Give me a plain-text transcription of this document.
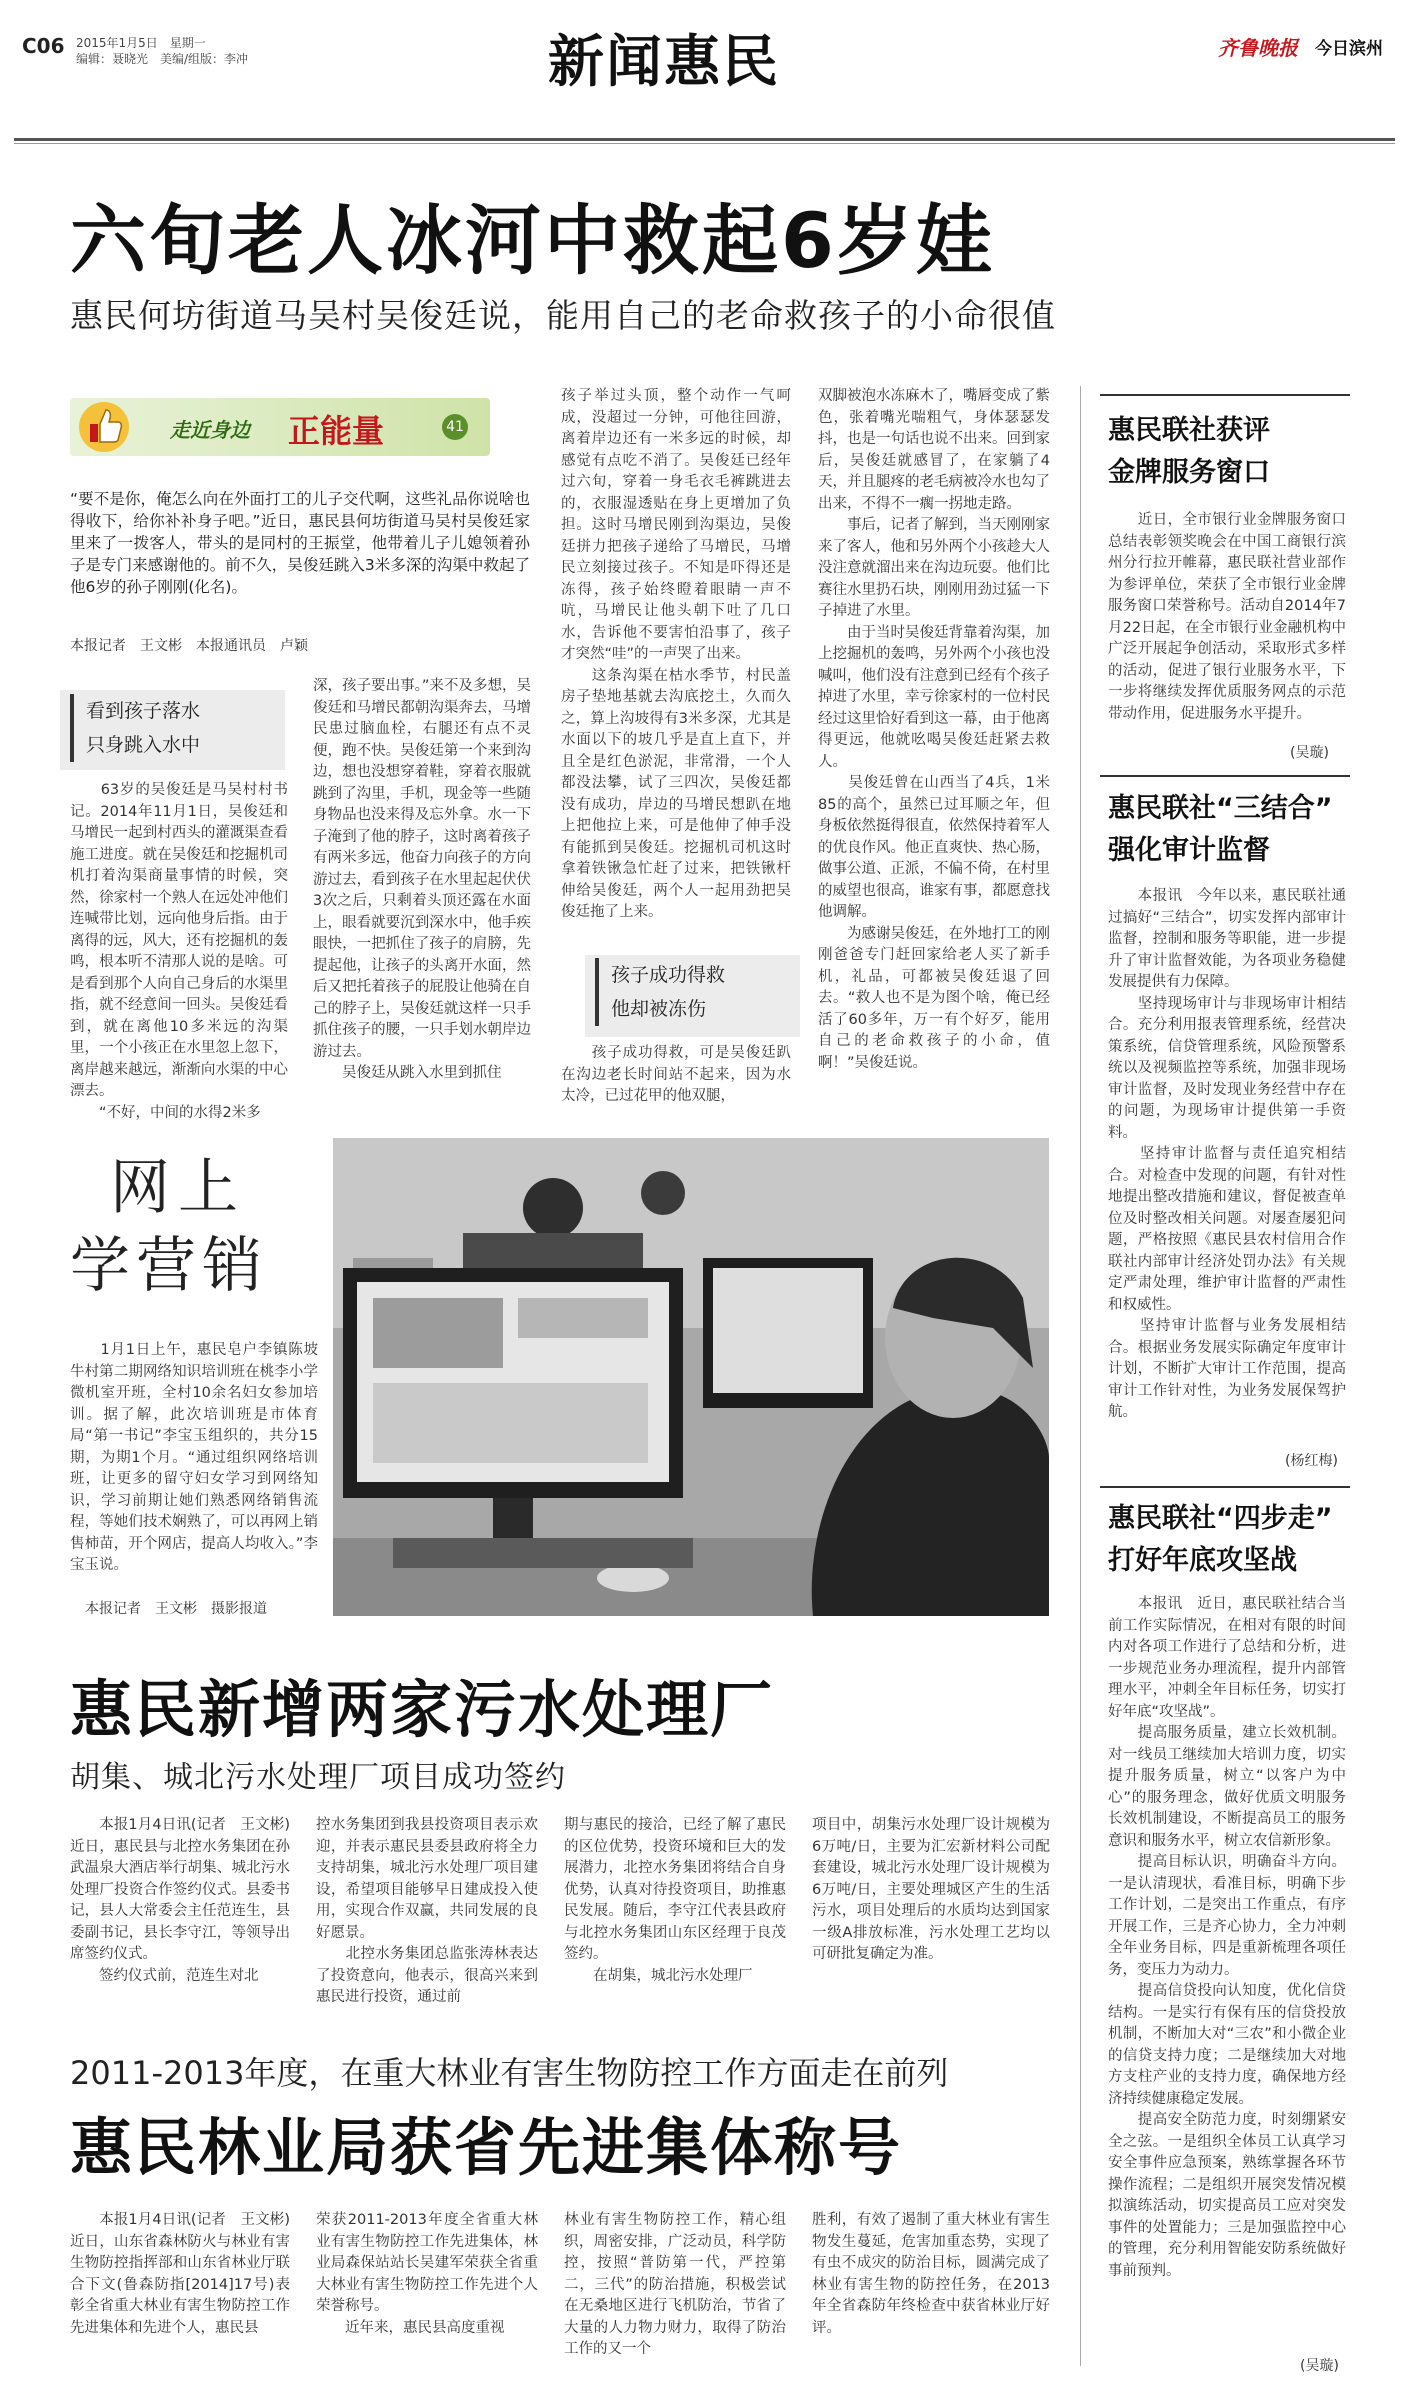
C06 2015年1月5日　星期一
编辑：聂晓光　美编/组版：李冲	新闻惠民	齐鲁晚报 今日滨州
六旬老人冰河中救起6岁娃
惠民何坊街道马吴村吴俊廷说，能用自己的老命救孩子的小命很值
走近身边 正能量	41
“要不是你，俺怎么向在外面打工的儿子交代啊，这些礼品你说啥也得收下，给你补补身子吧。”近日，惠民县何坊街道马吴村吴俊廷家里来了一拨客人，带头的是同村的王振堂，他带着儿子儿媳领着孙子是专门来感谢他的。前不久，吴俊廷跳入3米多深的沟渠中救起了他6岁的孙子刚刚(化名)。
本报记者　王文彬　本报通讯员　卢颖
看到孩子落水
只身跳入水中
　　63岁的吴俊廷是马吴村村书记。2014年11月1日，吴俊廷和马增民一起到村西头的灌溉渠查看施工进度。就在吴俊廷和挖掘机司机打着沟渠商量事情的时候，突然，徐家村一个熟人在远处冲他们连喊带比划，远向他身后指。由于离得的远，风大，还有挖掘机的轰鸣，根本听不清那人说的是啥。可是看到那个人向自己身后的水渠里指，就不经意间一回头。吴俊廷看到，就在离他10多米远的沟渠里，一个小孩正在水里忽上忽下，离岸越来越远，渐渐向水渠的中心漂去。
　　“不好，中间的水得2米多
深，孩子要出事。”来不及多想，吴俊廷和马增民都朝沟渠奔去，马增民患过脑血栓，右腿还有点不灵便，跑不快。吴俊廷第一个来到沟边，想也没想穿着鞋，穿着衣服就跳到了沟里，手机，现金等一些随身物品也没来得及忘外拿。水一下子淹到了他的脖子，这时离着孩子有两米多远，他奋力向孩子的方向游过去，看到孩子在水里起起伏伏3次之后，只剩着头顶还露在水面上，眼看就要沉到深水中，他手疾眼快，一把抓住了孩子的肩膀，先提起他，让孩子的头离开水面，然后又把托着孩子的屁股让他骑在自己的脖子上，吴俊廷就这样一只手抓住孩子的腰，一只手划水朝岸边游过去。
　　吴俊廷从跳入水里到抓住
孩子举过头顶，整个动作一气呵成，没超过一分钟，可他往回游，离着岸边还有一米多远的时候，却感觉有点吃不消了。吴俊廷已经年过六旬，穿着一身毛衣毛裤跳进去的，衣服湿透贴在身上更增加了负担。这时马增民刚到沟渠边，吴俊廷拼力把孩子递给了马增民，马增民立刻接过孩子。不知是吓得还是冻得，孩子始终瞪着眼睛一声不吭，马增民让他头朝下吐了几口水，告诉他不要害怕沿事了，孩子才突然“哇”的一声哭了出来。
　　这条沟渠在枯水季节，村民盖房子垫地基就去沟底挖土，久而久之，算上沟坡得有3米多深，尤其是水面以下的坡几乎是直上直下，并且全是红色淤泥，非常滑，一个人都没法攀，试了三四次，吴俊廷都没有成功，岸边的马增民想趴在地上把他拉上来，可是他伸了伸手没有能抓到吴俊廷。挖掘机司机这时拿着铁锹急忙赶了过来，把铁锹杆伸给吴俊廷，两个人一起用劲把吴俊廷拖了上来。
孩子成功得救
他却被冻伤
　　孩子成功得救，可是吴俊廷趴在沟边老长时间站不起来，因为水太冷，已过花甲的他双腿，
双脚被泡水冻麻木了，嘴唇变成了紫色，张着嘴光喘粗气，身体瑟瑟发抖，也是一句话也说不出来。回到家后，吴俊廷就感冒了，在家躺了4天，并且腿疼的老毛病被冷水也勾了出来，不得不一瘸一拐地走路。
　　事后，记者了解到，当天刚刚家来了客人，他和另外两个小孩趁大人没注意就溜出来在沟边玩耍。他们比赛往水里扔石块，刚刚用劲过猛一下子掉进了水里。
　　由于当时吴俊廷背靠着沟渠，加上挖掘机的轰鸣，另外两个小孩也没喊叫，他们没有注意到已经有个孩子掉进了水里，幸亏徐家村的一位村民经过这里恰好看到这一幕，由于他离得更远，他就吆喝吴俊廷赶紧去救人。
　　吴俊廷曾在山西当了4兵，1米85的高个，虽然已过耳顺之年，但身板依然挺得很直，依然保持着军人的优良作风。他正直爽快、热心肠，做事公道、正派，不偏不倚，在村里的威望也很高，谁家有事，都愿意找他调解。
　　为感谢吴俊廷，在外地打工的刚刚爸爸专门赶回家给老人买了新手机，礼品，可都被吴俊廷退了回去。“救人也不是为图个啥，俺已经活了60多年，万一有个好歹，能用自己的老命救孩子的小命，值啊！”吴俊廷说。
网上
学营销
　　1月1日上午，惠民皂户李镇陈坡牛村第二期网络知识培训班在桃李小学微机室开班，全村10余名妇女参加培训。据了解，此次培训班是市体育局“第一书记”李宝玉组织的，共分15期，为期1个月。“通过组织网络培训班，让更多的留守妇女学习到网络知识，学习前期让她们熟悉网络销售流程，等她们技术娴熟了，可以再网上销售柿苗，开个网店，提高人均收入。”李宝玉说。
本报记者　王文彬　摄影报道
惠民新增两家污水处理厂
胡集、城北污水处理厂项目成功签约
　　本报1月4日讯(记者　王文彬)　近日，惠民县与北控水务集团在孙武温泉大酒店举行胡集、城北污水处理厂投资合作签约仪式。县委书记，县人大常委会主任范连生，县委副书记，县长李守江，等领导出席签约仪式。
　　签约仪式前，范连生对北
控水务集团到我县投资项目表示欢迎，并表示惠民县委县政府将全力支持胡集，城北污水处理厂项目建设，希望项目能够早日建成投入使用，实现合作双赢，共同发展的良好愿景。
　　北控水务集团总监张涛林表达了投资意向，他表示，很高兴来到惠民进行投资，通过前
期与惠民的接洽，已经了解了惠民的区位优势，投资环境和巨大的发展潜力，北控水务集团将结合自身优势，认真对待投资项目，助推惠民发展。随后，李守江代表县政府与北控水务集团山东区经理于良茂签约。
　　在胡集，城北污水处理厂
项目中，胡集污水处理厂设计规模为6万吨/日，主要为汇宏新材料公司配套建设，城北污水处理厂设计规模为6万吨/日，主要处理城区产生的生活污水，项目处理后的水质均达到国家一级A排放标准，污水处理工艺均以可研批复确定为准。
2011-2013年度，在重大林业有害生物防控工作方面走在前列
惠民林业局获省先进集体称号
　　本报1月4日讯(记者　王文彬)　近日，山东省森林防火与林业有害生物防控指挥部和山东省林业厅联合下文(鲁森防指[2014]17号)表彰全省重大林业有害生物防控工作先进集体和先进个人，惠民县
荣获2011-2013年度全省重大林业有害生物防控工作先进集体，林业局森保站站长吴建军荣获全省重大林业有害生物防控工作先进个人荣誉称号。
　　近年来，惠民县高度重视
林业有害生物防控工作，精心组织，周密安排，广泛动员，科学防控，按照“普防第一代，严控第二，三代”的防治措施，积极尝试在无桑地区进行飞机防治，节省了大量的人力物力财力，取得了防治工作的又一个
胜利，有效了遏制了重大林业有害生物发生蔓延，危害加重态势，实现了有虫不成灾的防治目标，圆满完成了林业有害生物的防控任务，在2013年全省森防年终检查中获省林业厅好评。
惠民联社获评
金牌服务窗口
　　近日，全市银行业金牌服务窗口总结表彰领奖晚会在中国工商银行滨州分行拉开帷幕，惠民联社营业部作为参评单位，荣获了全市银行业金牌服务窗口荣誉称号。活动自2014年7月22日起，在全市银行业金融机构中广泛开展起争创活动，采取形式多样的活动，促进了银行业服务水平，下一步将继续发挥优质服务网点的示范带动作用，促进服务水平提升。
(吴璇)
惠民联社“三结合”
强化审计监督
　　本报讯　今年以来，惠民联社通过搞好“三结合”，切实发挥内部审计监督，控制和服务等职能，进一步提升了审计监督效能，为各项业务稳健发展提供有力保障。
　　坚持现场审计与非现场审计相结合。充分利用报表管理系统，经营决策系统，信贷管理系统，风险预警系统以及视频监控等系统，加强非现场审计监督，及时发现业务经营中存在的问题，为现场审计提供第一手资料。
　　坚持审计监督与责任追究相结合。对检查中发现的问题，有针对性地提出整改措施和建议，督促被查单位及时整改相关问题。对屡查屡犯问题，严格按照《惠民县农村信用合作联社内部审计经济处罚办法》有关规定严肃处理，维护审计监督的严肃性和权威性。
　　坚持审计监督与业务发展相结合。根据业务发展实际确定年度审计计划，不断扩大审计工作范围，提高审计工作针对性，为业务发展保驾护航。
(杨红梅)
惠民联社“四步走”
打好年底攻坚战
　　本报讯　近日，惠民联社结合当前工作实际情况，在相对有限的时间内对各项工作进行了总结和分析，进一步规范业务办理流程，提升内部管理水平，冲刺全年目标任务，切实打好年底“攻坚战”。
　　提高服务质量，建立长效机制。对一线员工继续加大培训力度，切实提升服务质量，树立“以客户为中心”的服务理念，做好优质文明服务长效机制建设，不断提高员工的服务意识和服务水平，树立农信新形象。
　　提高目标认识，明确奋斗方向。一是认清现状，看准目标，明确下步工作计划，二是突出工作重点，有序开展工作，三是齐心协力，全力冲刺全年业务目标，四是重新梳理各项任务，变压力为动力。
　　提高信贷投向认知度，优化信贷结构。一是实行有保有压的信贷投放机制，不断加大对“三农”和小微企业的信贷支持力度；二是继续加大对地方支柱产业的支持力度，确保地方经济持续健康稳定发展。
　　提高安全防范力度，时刻绷紧安全之弦。一是组织全体员工认真学习安全事件应急预案，熟练掌握各环节操作流程；二是组织开展突发情况模拟演练活动，切实提高员工应对突发事件的处置能力；三是加强监控中心的管理，充分利用智能安防系统做好事前预判。
(吴璇)
